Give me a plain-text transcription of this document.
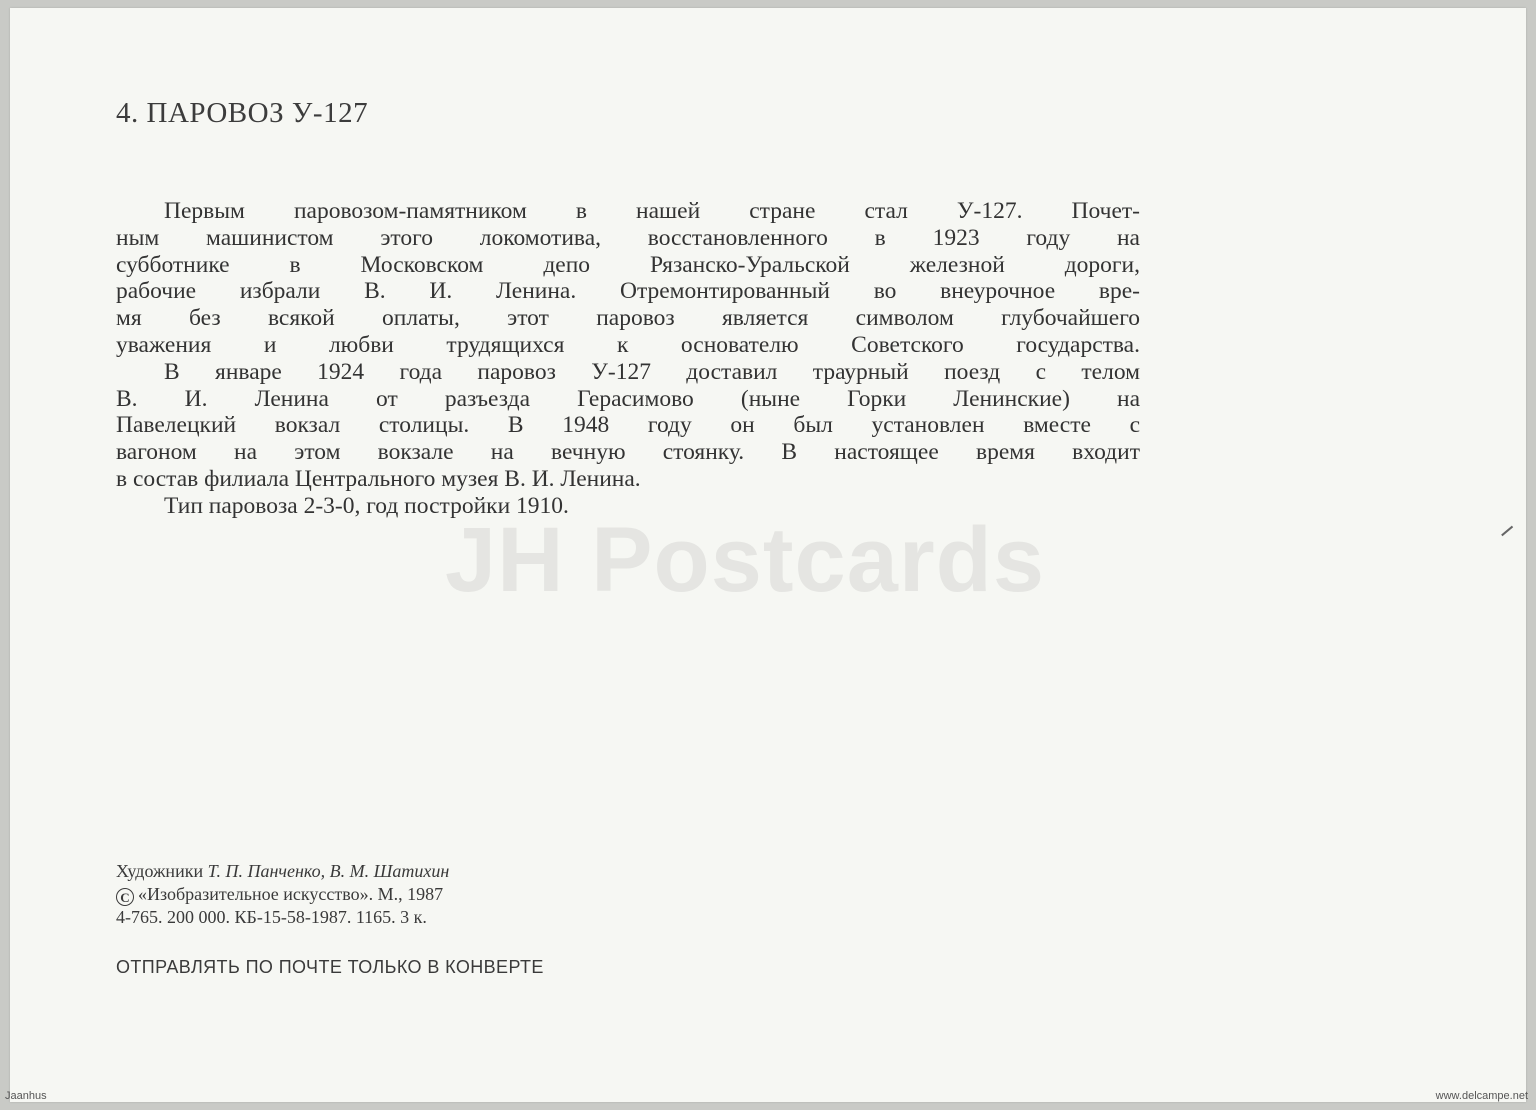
4. ПАРОВОЗ У-127
Первым паровозом-памятником в нашей стране стал У-127. Почет-
ным машинистом этого локомотива, восстановленного в 1923 году на
субботнике в Московском депо Рязанско-Уральской железной дороги,
рабочие избрали В. И. Ленина. Отремонтированный во внеурочное вре-
мя без всякой оплаты, этот паровоз является символом глубочайшего
уважения и любви трудящихся к основателю Советского государства.
В январе 1924 года паровоз У-127 доставил траурный поезд с телом
В. И. Ленина от разъезда Герасимово (ныне Горки Ленинские) на
Павелецкий вокзал столицы. В 1948 году он был установлен вместе с
вагоном на этом вокзале на вечную стоянку. В настоящее время входит
в состав филиала Центрального музея В. И. Ленина.
Тип паровоза 2-3-0, год постройки 1910.
Художники Т. П. Панченко, В. М. Шатихин
C «Изобразительное искусство». М., 1987
4-765. 200 000. КБ-15-58-1987. 1165. 3 к.
ОТПРАВЛЯТЬ ПО ПОЧТЕ ТОЛЬКО В КОНВЕРТЕ
Jaanhus	www.delcampe.net
